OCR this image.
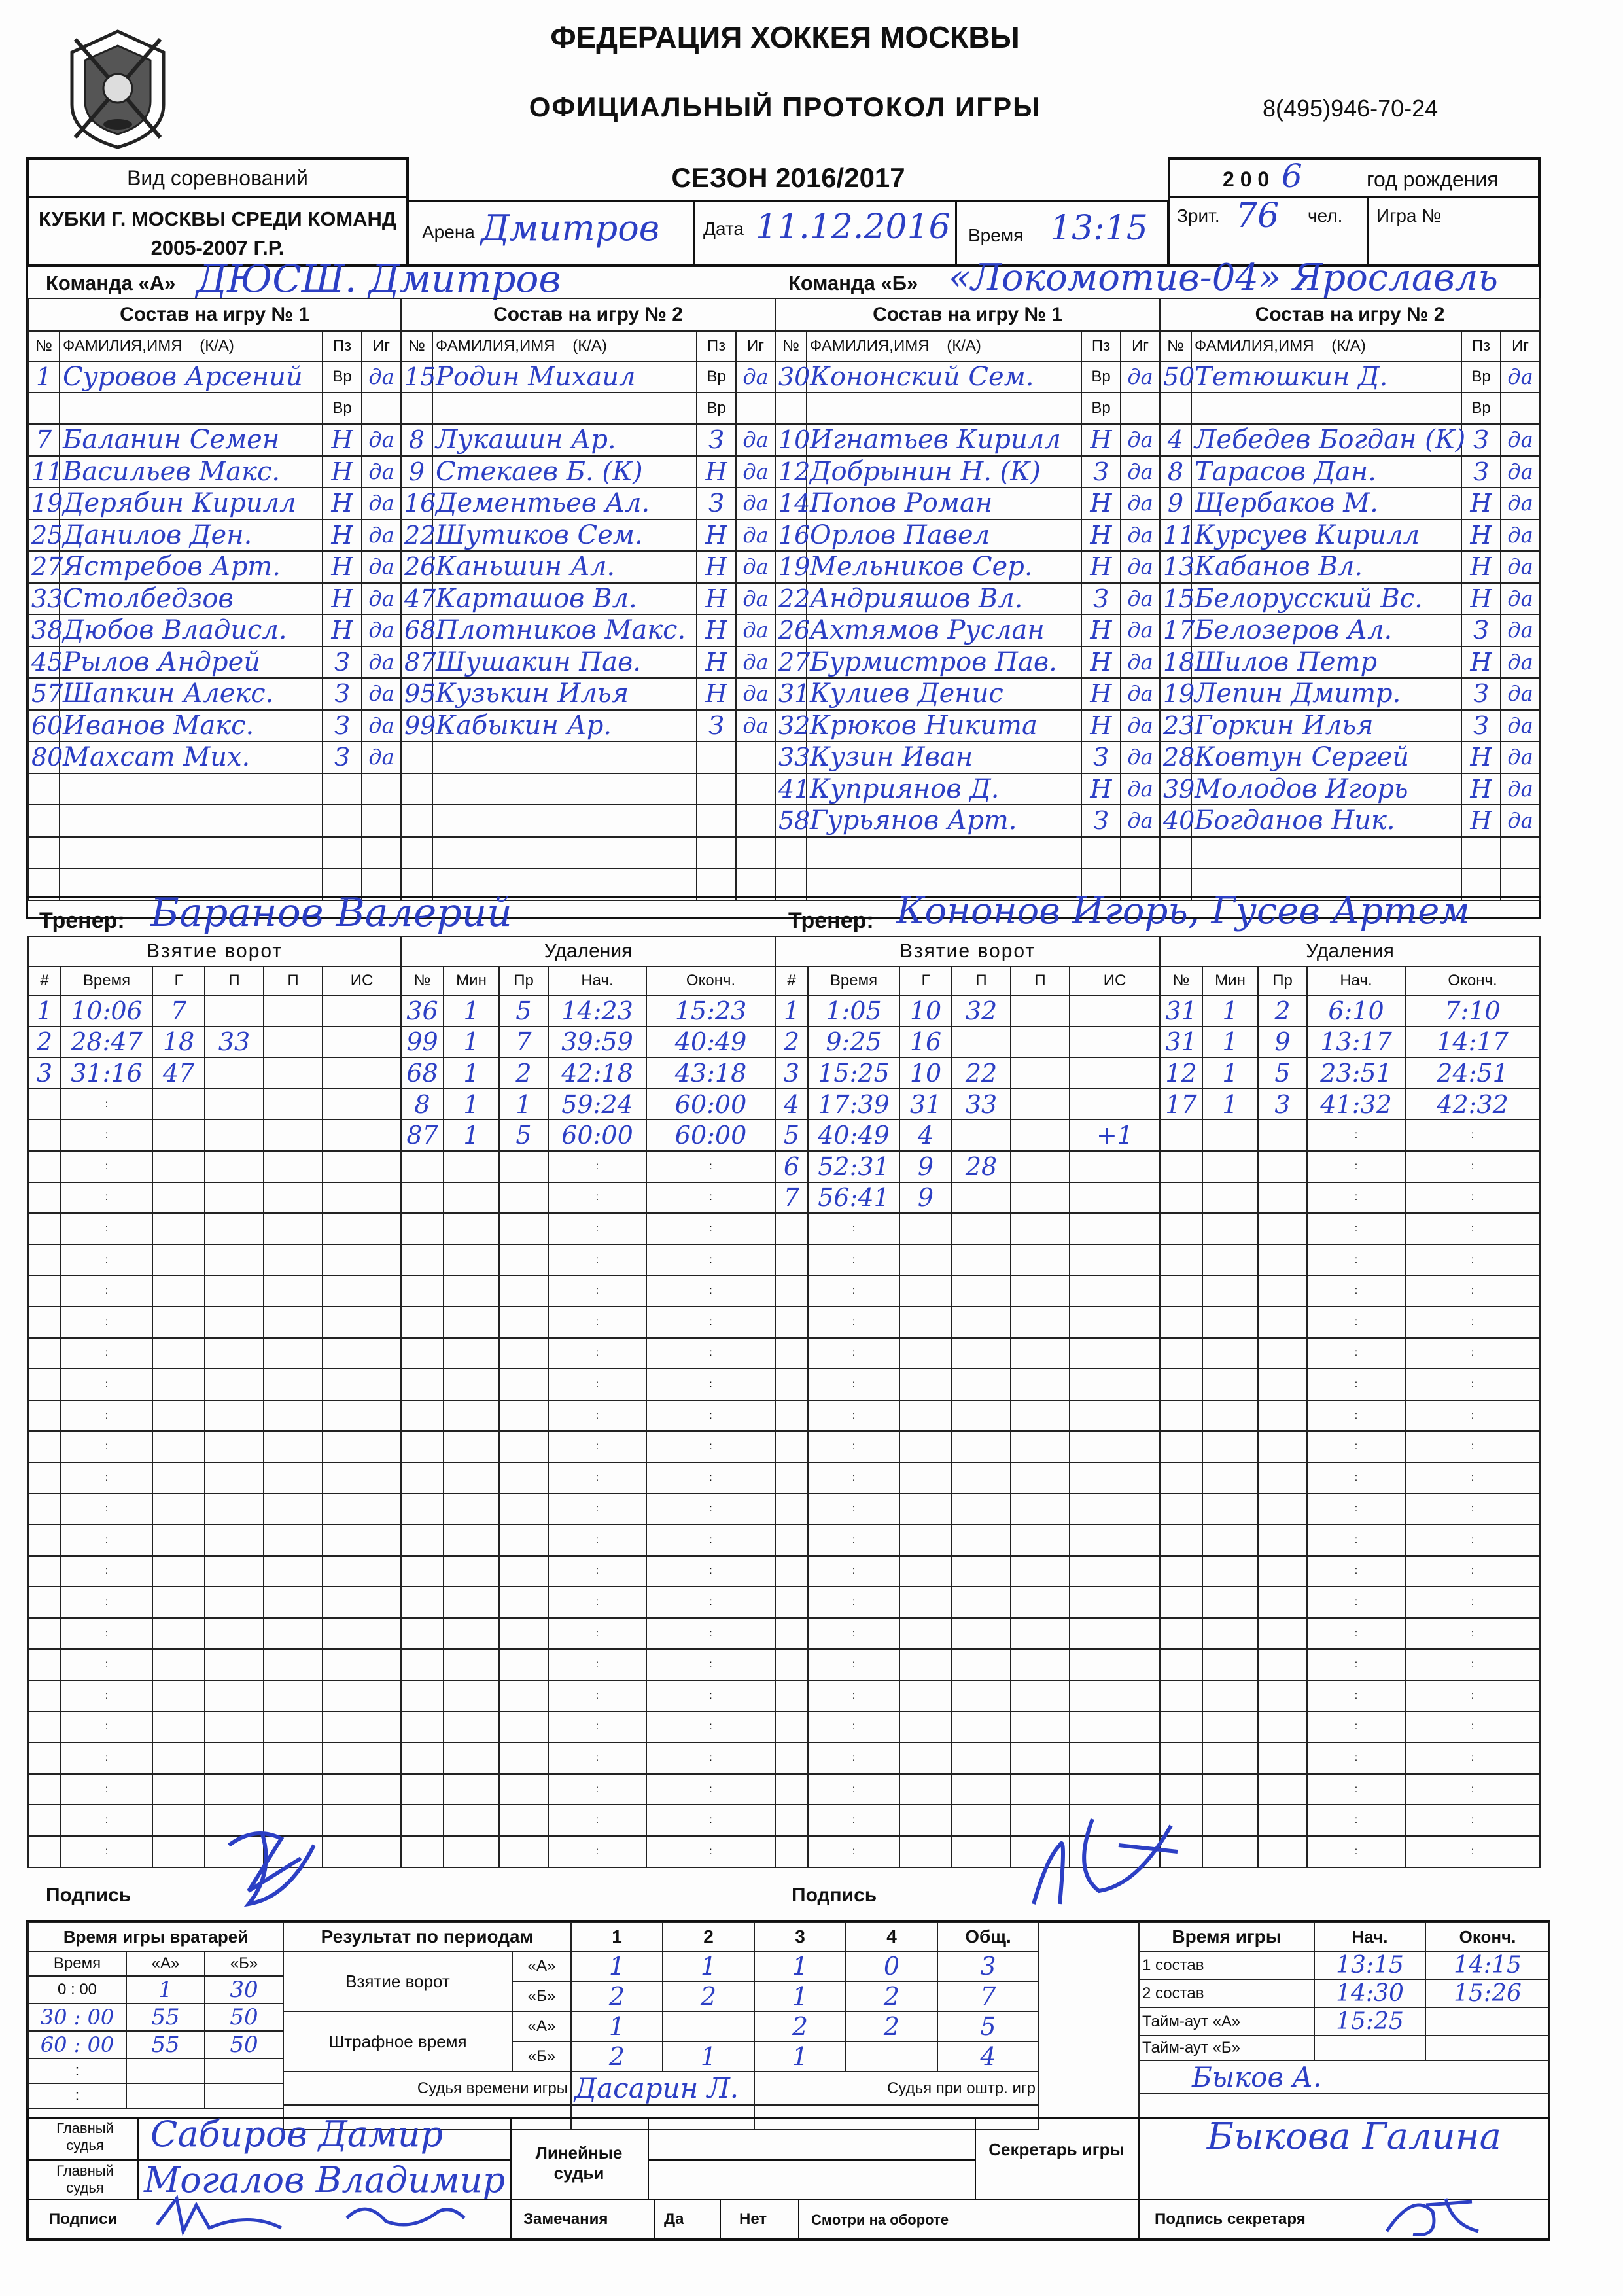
ФЕДЕРАЦИЯ ХОККЕЯ МОСКВЫ
ОФИЦИАЛЬНЫЙ ПРОТОКОЛ ИГРЫ	8(495)946-70-24
Вид соревнований
КУБКИ Г. МОСКВЫ СРЕДИ КОМАНД 2005-2007 Г.Р.
СЕЗОН 2016/2017
Арена Дмитров Дата 11.12.2016 Время 13:15
2 0 0 6	год рождения
Зрит. 76 чел. Игра №
Команда «А» ДЮСШ. Дмитров	Команда «Б» «Локомотив-04» Ярославль
Состав на игру № 1			
№	ФАМИЛИЯ,ИМЯ (К/А)	Пз	Иг
1	Суровов Арсений	Вр	да
		Вр	
7	Баланин Семен	Н	да
11	Васильев Макс.	Н	да
19	Дерябин Кирилл	Н	да
25	Данилов Ден.	Н	да
27	Ястребов Арт.	Н	да
33	Столбедзов	Н	да
38	Дюбов Владисл.	Н	да
45	Рылов Андрей	З	да
57	Шапкин Алекс.	З	да
60	Иванов Макс.	З	да
80	Махсат Мих.	З	да

Состав на игру № 2			
№	ФАМИЛИЯ,ИМЯ (К/А)	Пз	Иг
15	Родин Михаил	Вр	да
		Вр	
8	Лукашин Ар.	З	да
9	Стекаев Б. (К)	Н	да
16	Дементьев Ал.	З	да
22	Шутиков Сем.	Н	да
26	Каньшин Ал.	Н	да
47	Карташов Вл.	Н	да
68	Плотников Макс.	Н	да
87	Шушакин Пав.	Н	да
95	Кузькин Илья	Н	да
99	Кабыкин Ар.	З	да

Состав на игру № 1			
№	ФАМИЛИЯ,ИМЯ (К/А)	Пз	Иг
30	Кононский Сем.	Вр	да
		Вр	
10	Игнатьев Кирилл	Н	да
12	Добрынин Н. (К)	З	да
14	Попов Роман	Н	да
16	Орлов Павел	Н	да
19	Мельников Сер.	Н	да
22	Андрияшов Вл.	З	да
26	Ахтямов Руслан	Н	да
27	Бурмистров Пав.	Н	да
31	Кулиев Денис	Н	да
32	Крюков Никита	Н	да
33	Кузин Иван	З	да
41	Куприянов Д.	Н	да
58	Гурьянов Арт.	З	да

Состав на игру № 2			
№	ФАМИЛИЯ,ИМЯ (К/А)	Пз	Иг
50	Тетюшкин Д.	Вр	да
		Вр	
4	Лебедев Богдан (К)	З	да
8	Тарасов Дан.	З	да
9	Щербаков М.	Н	да
11	Курсуев Кирилл	Н	да
13	Кабанов Вл.	Н	да
15	Белорусский Вс.	Н	да
17	Белозеров Ал.	З	да
18	Шилов Петр	Н	да
19	Лепин Дмитр.	З	да
23	Горкин Илья	З	да
28	Ковтун Сергей	Н	да
39	Молодов Игорь	Н	да
40	Богданов Ник.	Н	да

Тренер: Баранов Валерий	Тренер: Кононов Игорь, Гусев Артем
Взятие ворот					
#	Время	Г	П	П	ИС
1	10:06	7			
2	28:47	18	33		
3	31:16	47			
	:				
	:				
	:				
	:				
	:				
	:				
	:				
	:				
	:				
	:				
	:				
	:				
	:				
	:				
	:				
	:				
	:				
	:				
	:				
	:				
	:				
	:				
	:				
	:				
	:				
Удаления				
№	Мин	Пр	Нач.	Оконч.
36	1	5	14:23	15:23
99	1	7	39:59	40:49
68	1	2	42:18	43:18
8	1	1	59:24	60:00
87	1	5	60:00	60:00
			:	:
			:	:
			:	:
			:	:
			:	:
			:	:
			:	:
			:	:
			:	:
			:	:
			:	:
			:	:
			:	:
			:	:
			:	:
			:	:
			:	:
			:	:
			:	:
			:	:
			:	:
			:	:
			:	:
Взятие ворот					
#	Время	Г	П	П	ИС
1	1:05	10	32		
2	9:25	16			
3	15:25	10	22		
4	17:39	31	33		
5	40:49	4			+1
6	52:31	9	28		
7	56:41	9			
	:				
	:				
	:				
	:				
	:				
	:				
	:				
	:				
	:				
	:				
	:				
	:				
	:				
	:				
	:				
	:				
	:				
	:				
	:				
	:				
	:				
Удаления				
№	Мин	Пр	Нач.	Оконч.
31	1	2	6:10	7:10
31	1	9	13:17	14:17
12	1	5	23:51	24:51
17	1	3	41:32	42:32
			:	:
			:	:
			:	:
			:	:
			:	:
			:	:
			:	:
			:	:
			:	:
			:	:
			:	:
			:	:
			:	:
			:	:
			:	:
			:	:
			:	:
			:	:
			:	:
			:	:
			:	:
			:	:
			:	:
			:	:
Подпись	Подпись
Время игры вратарей		
Время	«А»	«Б»
0 : 00	1	30
30 : 00	55	50
60 : 00	55	50
:		
:		
Результат по периодам		1	2	3	4	Общ.
Взятие ворот	«А»	1	1	1	0	3
	«Б»	2	2	1	2	7
Штрафное время	«А»	1		2	2	5
	«Б»	2	1	1		4
Судья времени игры		Дасарин Л.		Судья при оштр. игр		

Время игры	Нач.	Оконч.
1 состав	13:15	14:15
2 состав	14:30	15:26
Тайм-аут «А»	15:25	
Тайм-аут «Б»		
Быков А.		

Главный судья	Сабиров Дамир
Главный судья	Могалов Владимир
Линейные судьи
Секретарь игры	Быкова Галина
Подписи	Замечания	Да	Нет	Смотри на обороте	Подпись секретаря
